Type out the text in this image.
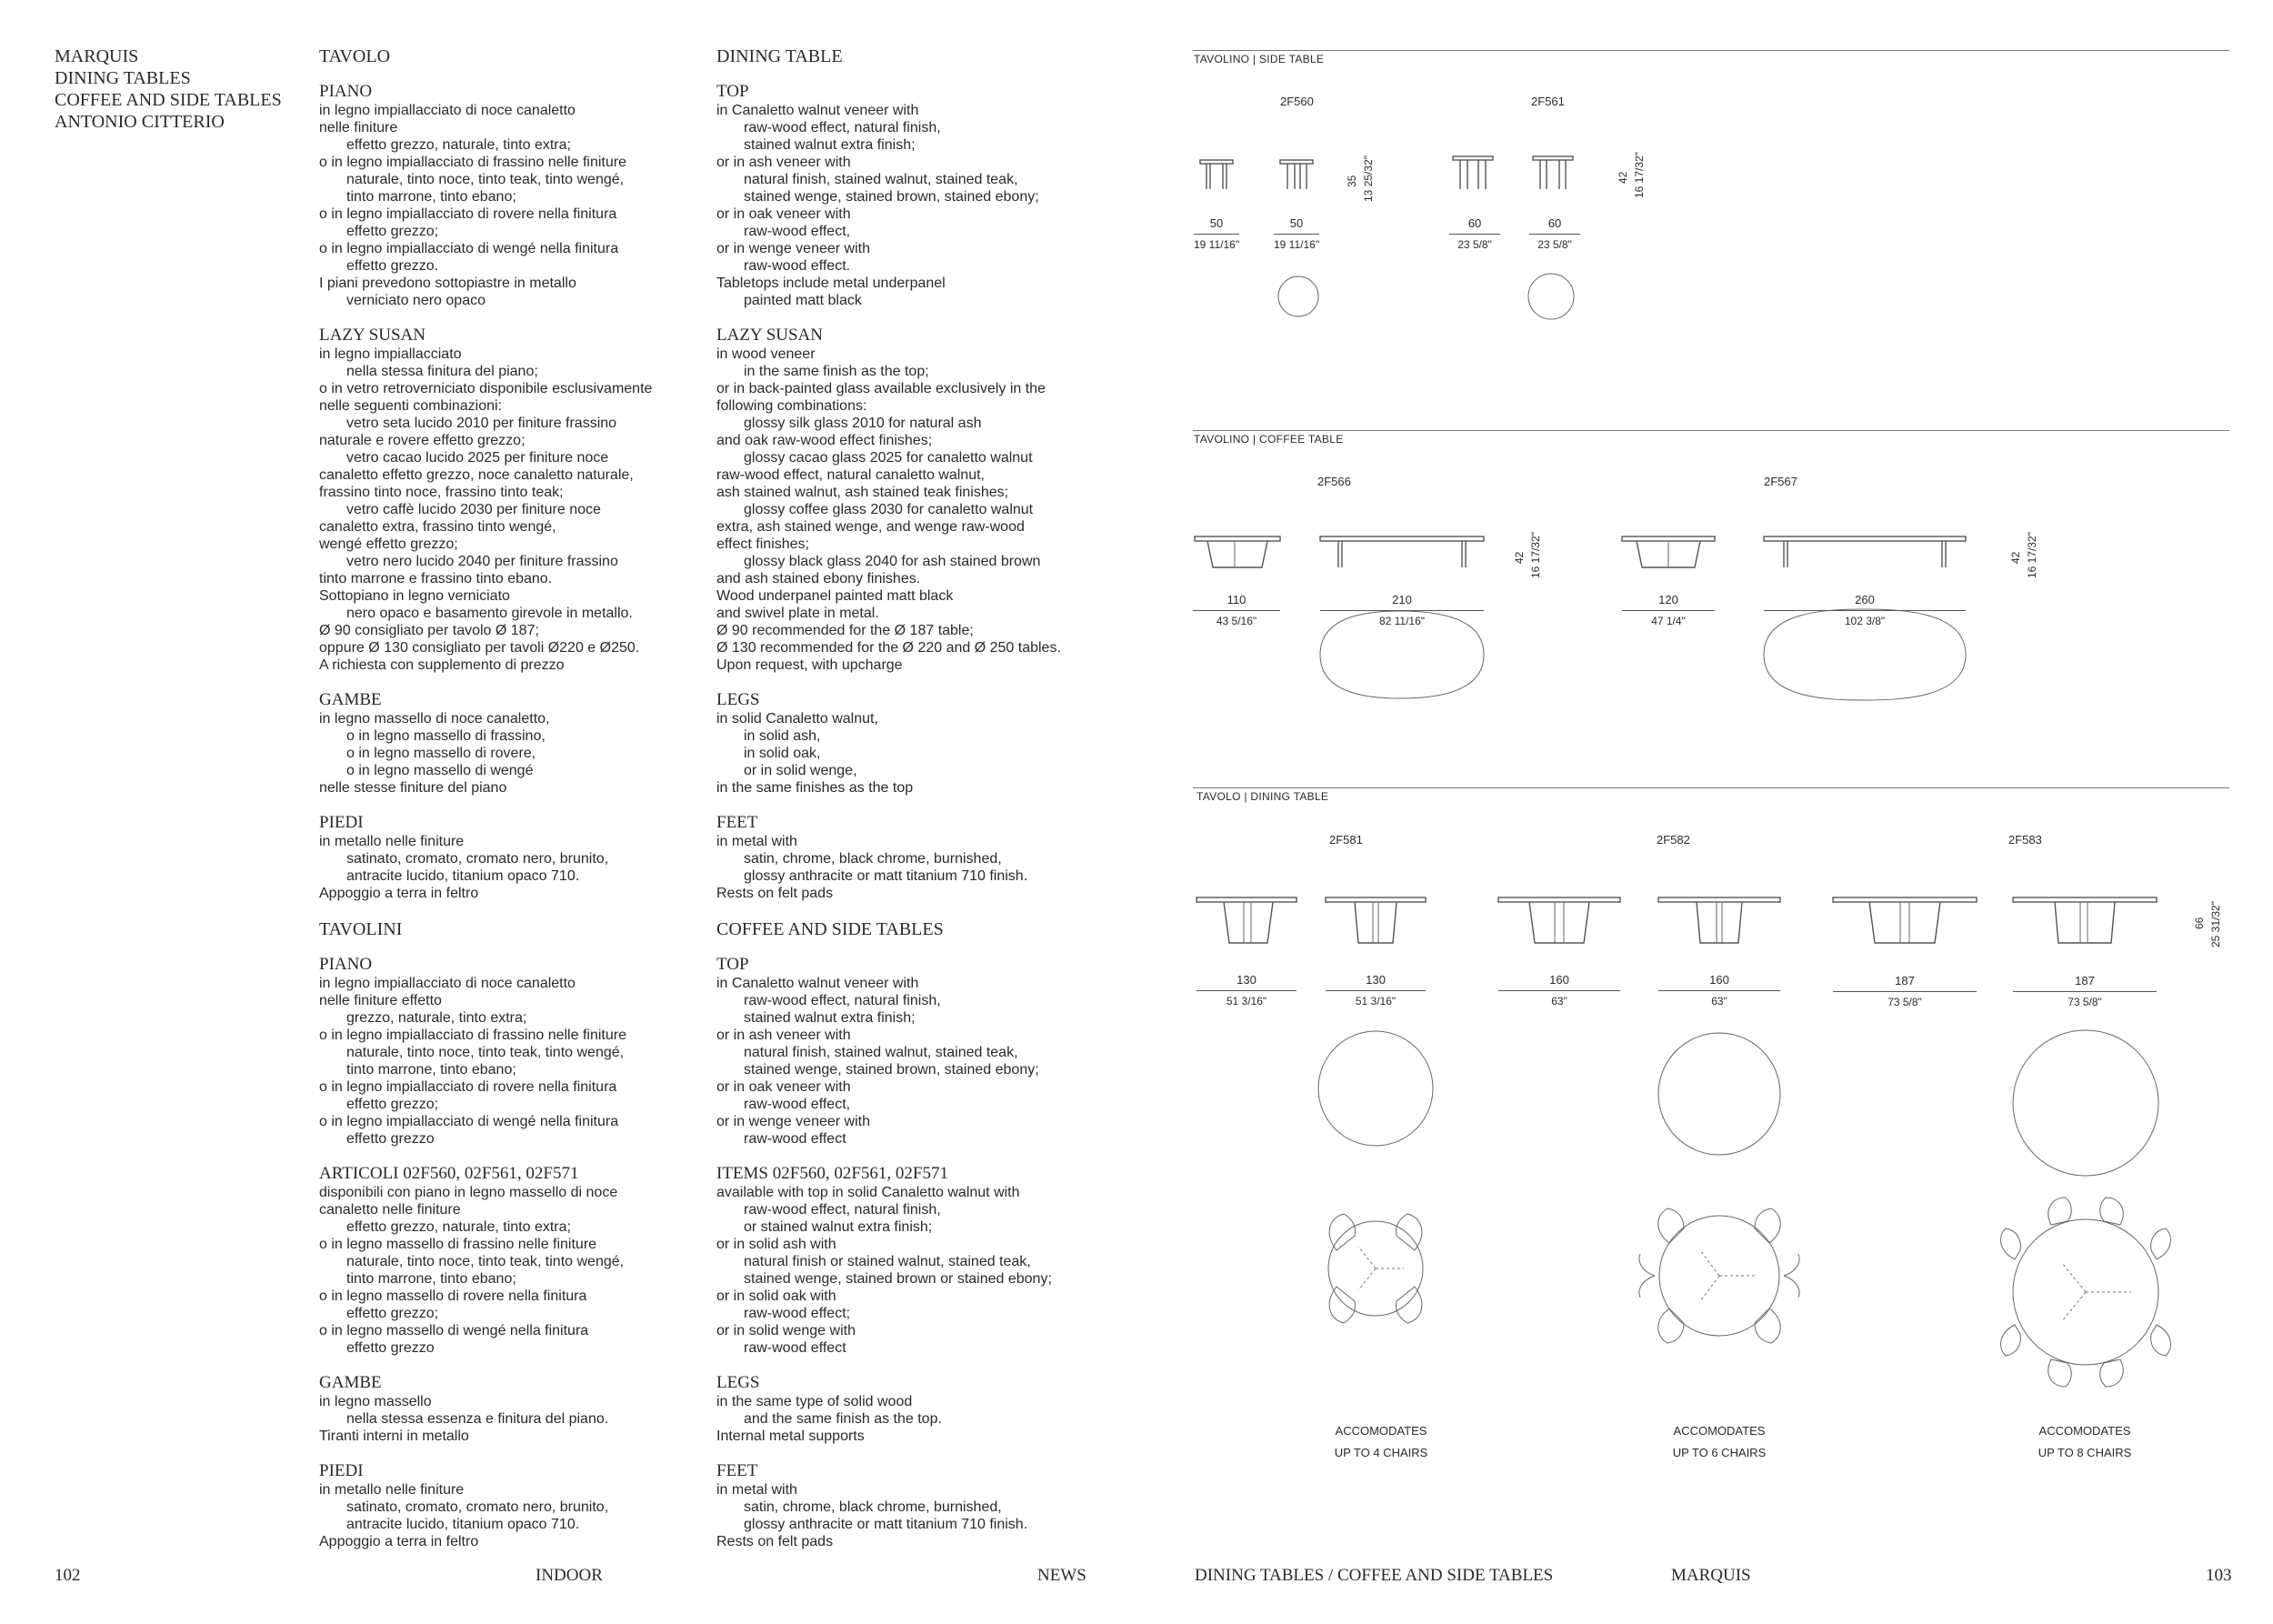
MARQUIS
DINING TABLES
COFFEE AND SIDE TABLES
ANTONIO CITTERIO
TAVOLO
PIANO
in legno impiallacciato di noce canaletto
nelle finiture
effetto grezzo, naturale, tinto extra;
o in legno impiallacciato di frassino nelle finiture
naturale, tinto noce, tinto teak, tinto wengé,
tinto marrone, tinto ebano;
o in legno impiallacciato di rovere nella finitura
effetto grezzo;
o in legno impiallacciato di wengé nella finitura
effetto grezzo.
I piani prevedono sottopiastre in metallo
verniciato nero opaco
LAZY SUSAN
in legno impiallacciato
nella stessa finitura del piano;
o in vetro retroverniciato disponibile esclusivamente
nelle seguenti combinazioni:
vetro seta lucido 2010 per finiture frassino
naturale e rovere effetto grezzo;
vetro cacao lucido 2025 per finiture noce
canaletto effetto grezzo, noce canaletto naturale,
frassino tinto noce, frassino tinto teak;
vetro caffè lucido 2030 per finiture noce
canaletto extra, frassino tinto wengé,
wengé effetto grezzo;
vetro nero lucido 2040 per finiture frassino
tinto marrone e frassino tinto ebano.
Sottopiano in legno verniciato
nero opaco e basamento girevole in metallo.
Ø 90 consigliato per tavolo Ø 187;
oppure Ø 130 consigliato per tavoli Ø220 e Ø250.
A richiesta con supplemento di prezzo
GAMBE
in legno massello di noce canaletto,
o in legno massello di frassino,
o in legno massello di rovere,
o in legno massello di wengé
nelle stesse finiture del piano
PIEDI
in metallo nelle finiture
satinato, cromato, cromato nero, brunito,
antracite lucido, titanium opaco 710.
Appoggio a terra in feltro
TAVOLINI
PIANO
in legno impiallacciato di noce canaletto
nelle finiture effetto
grezzo, naturale, tinto extra;
o in legno impiallacciato di frassino nelle finiture
naturale, tinto noce, tinto teak, tinto wengé,
tinto marrone, tinto ebano;
o in legno impiallacciato di rovere nella finitura
effetto grezzo;
o in legno impiallacciato di wengé nella finitura
effetto grezzo
ARTICOLI 02F560, 02F561, 02F571
disponibili con piano in legno massello di noce
canaletto nelle finiture
effetto grezzo, naturale, tinto extra;
o in legno massello di frassino nelle finiture
naturale, tinto noce, tinto teak, tinto wengé,
tinto marrone, tinto ebano;
o in legno massello di rovere nella finitura
effetto grezzo;
o in legno massello di wengé nella finitura
effetto grezzo
GAMBE
in legno massello
nella stessa essenza e finitura del piano.
Tiranti interni in metallo
PIEDI
in metallo nelle finiture
satinato, cromato, cromato nero, brunito,
antracite lucido, titanium opaco 710.
Appoggio a terra in feltro
DINING TABLE
TOP
in Canaletto walnut veneer with
raw-wood effect, natural finish,
stained walnut extra finish;
or in ash veneer with
natural finish, stained walnut, stained teak,
stained wenge, stained brown, stained ebony;
or in oak veneer with
raw-wood effect,
or in wenge veneer with
raw-wood effect.
Tabletops include metal underpanel
painted matt black
LAZY SUSAN
in wood veneer
in the same finish as the top;
or in back-painted glass available exclusively in the
following combinations:
glossy silk glass 2010 for natural ash
and oak raw-wood effect finishes;
glossy cacao glass 2025 for canaletto walnut
raw-wood effect, natural canaletto walnut,
ash stained walnut, ash stained teak finishes;
glossy coffee glass 2030 for canaletto walnut
extra, ash stained wenge, and wenge raw-wood
effect finishes;
glossy black glass 2040 for ash stained brown
and ash stained ebony finishes.
Wood underpanel painted matt black
and swivel plate in metal.
Ø 90 recommended for the Ø 187 table;
Ø 130 recommended for the Ø 220 and Ø 250 tables.
Upon request, with upcharge
LEGS
in solid Canaletto walnut,
in solid ash,
in solid oak,
or in solid wenge,
in the same finishes as the top
FEET
in metal with
satin, chrome, black chrome, burnished,
glossy anthracite or matt titanium 710 finish.
Rests on felt pads
COFFEE AND SIDE TABLES
TOP
in Canaletto walnut veneer with
raw-wood effect, natural finish,
stained walnut extra finish;
or in ash veneer with
natural finish, stained walnut, stained teak,
stained wenge, stained brown, stained ebony;
or in oak veneer with
raw-wood effect,
or in wenge veneer with
raw-wood effect
ITEMS 02F560, 02F561, 02F571
available with top in solid Canaletto walnut with
raw-wood effect, natural finish,
or stained walnut extra finish;
or in solid ash with
natural finish or stained walnut, stained teak,
stained wenge, stained brown or stained ebony;
or in solid oak with
raw-wood effect;
or in solid wenge with
raw-wood effect
LEGS
in the same type of solid wood
and the same finish as the top.
Internal metal supports
FEET
in metal with
satin, chrome, black chrome, burnished,
glossy anthracite or matt titanium 710 finish.
Rests on felt pads
TAVOLINO | SIDE TABLE
2F560	2F561
50
19 11/16"
50
19 11/16"
60
23 5/8"
60
23 5/8"
35 13 25/32"	42 16 17/32"
TAVOLINO | COFFEE TABLE
2F566	2F567
110
43 5/16"
210
82 11/16"
120
47 1/4"
260
102 3/8"
42 16 17/32"	42 16 17/32"
TAVOLO | DINING TABLE
2F581	2F582	2F583
130
51 3/16"
130
51 3/16"
160
63"
160
63"
187
73 5/8"
187
73 5/8"
66 25 31/32"
ACCOMODATES
UP TO 4 CHAIRS
ACCOMODATES
UP TO 6 CHAIRS
ACCOMODATES
UP TO 8 CHAIRS
102	INDOOR	NEWS	DINING TABLES / COFFEE AND SIDE TABLES	MARQUIS	103
